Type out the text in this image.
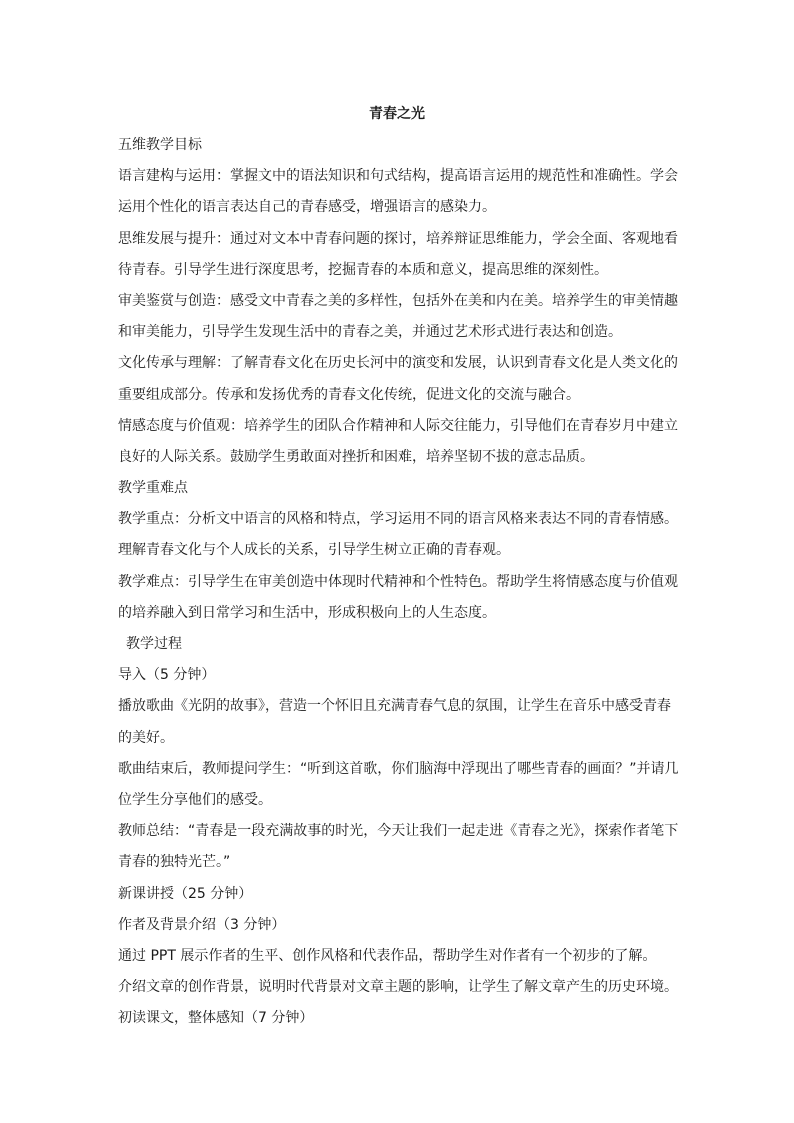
青春之光
五维教学目标
语言建构与运用：掌握文中的语法知识和句式结构，提高语言运用的规范性和准确性。学会
运用个性化的语言表达自己的青春感受，增强语言的感染力。
思维发展与提升：通过对文本中青春问题的探讨，培养辩证思维能力，学会全面、客观地看
待青春。引导学生进行深度思考，挖掘青春的本质和意义，提高思维的深刻性。
审美鉴赏与创造：感受文中青春之美的多样性，包括外在美和内在美。培养学生的审美情趣
和审美能力，引导学生发现生活中的青春之美，并通过艺术形式进行表达和创造。
文化传承与理解：了解青春文化在历史长河中的演变和发展，认识到青春文化是人类文化的
重要组成部分。传承和发扬优秀的青春文化传统，促进文化的交流与融合。
情感态度与价值观：培养学生的团队合作精神和人际交往能力，引导他们在青春岁月中建立
良好的人际关系。鼓励学生勇敢面对挫折和困难，培养坚韧不拔的意志品质。
教学重难点
教学重点：分析文中语言的风格和特点，学习运用不同的语言风格来表达不同的青春情感。
理解青春文化与个人成长的关系，引导学生树立正确的青春观。
教学难点：引导学生在审美创造中体现时代精神和个性特色。帮助学生将情感态度与价值观
的培养融入到日常学习和生活中，形成积极向上的人生态度。
教学过程
导入（5 分钟）
播放歌曲《光阴的故事》，营造一个怀旧且充满青春气息的氛围，让学生在音乐中感受青春
的美好。
歌曲结束后，教师提问学生：“听到这首歌，你们脑海中浮现出了哪些青春的画面？”并请几
位学生分享他们的感受。
教师总结：“青春是一段充满故事的时光，今天让我们一起走进《青春之光》，探索作者笔下
青春的独特光芒。”
新课讲授（25 分钟）
作者及背景介绍（3 分钟）
通过 PPT 展示作者的生平、创作风格和代表作品，帮助学生对作者有一个初步的了解。
介绍文章的创作背景，说明时代背景对文章主题的影响，让学生了解文章产生的历史环境。
初读课文，整体感知（7 分钟）
